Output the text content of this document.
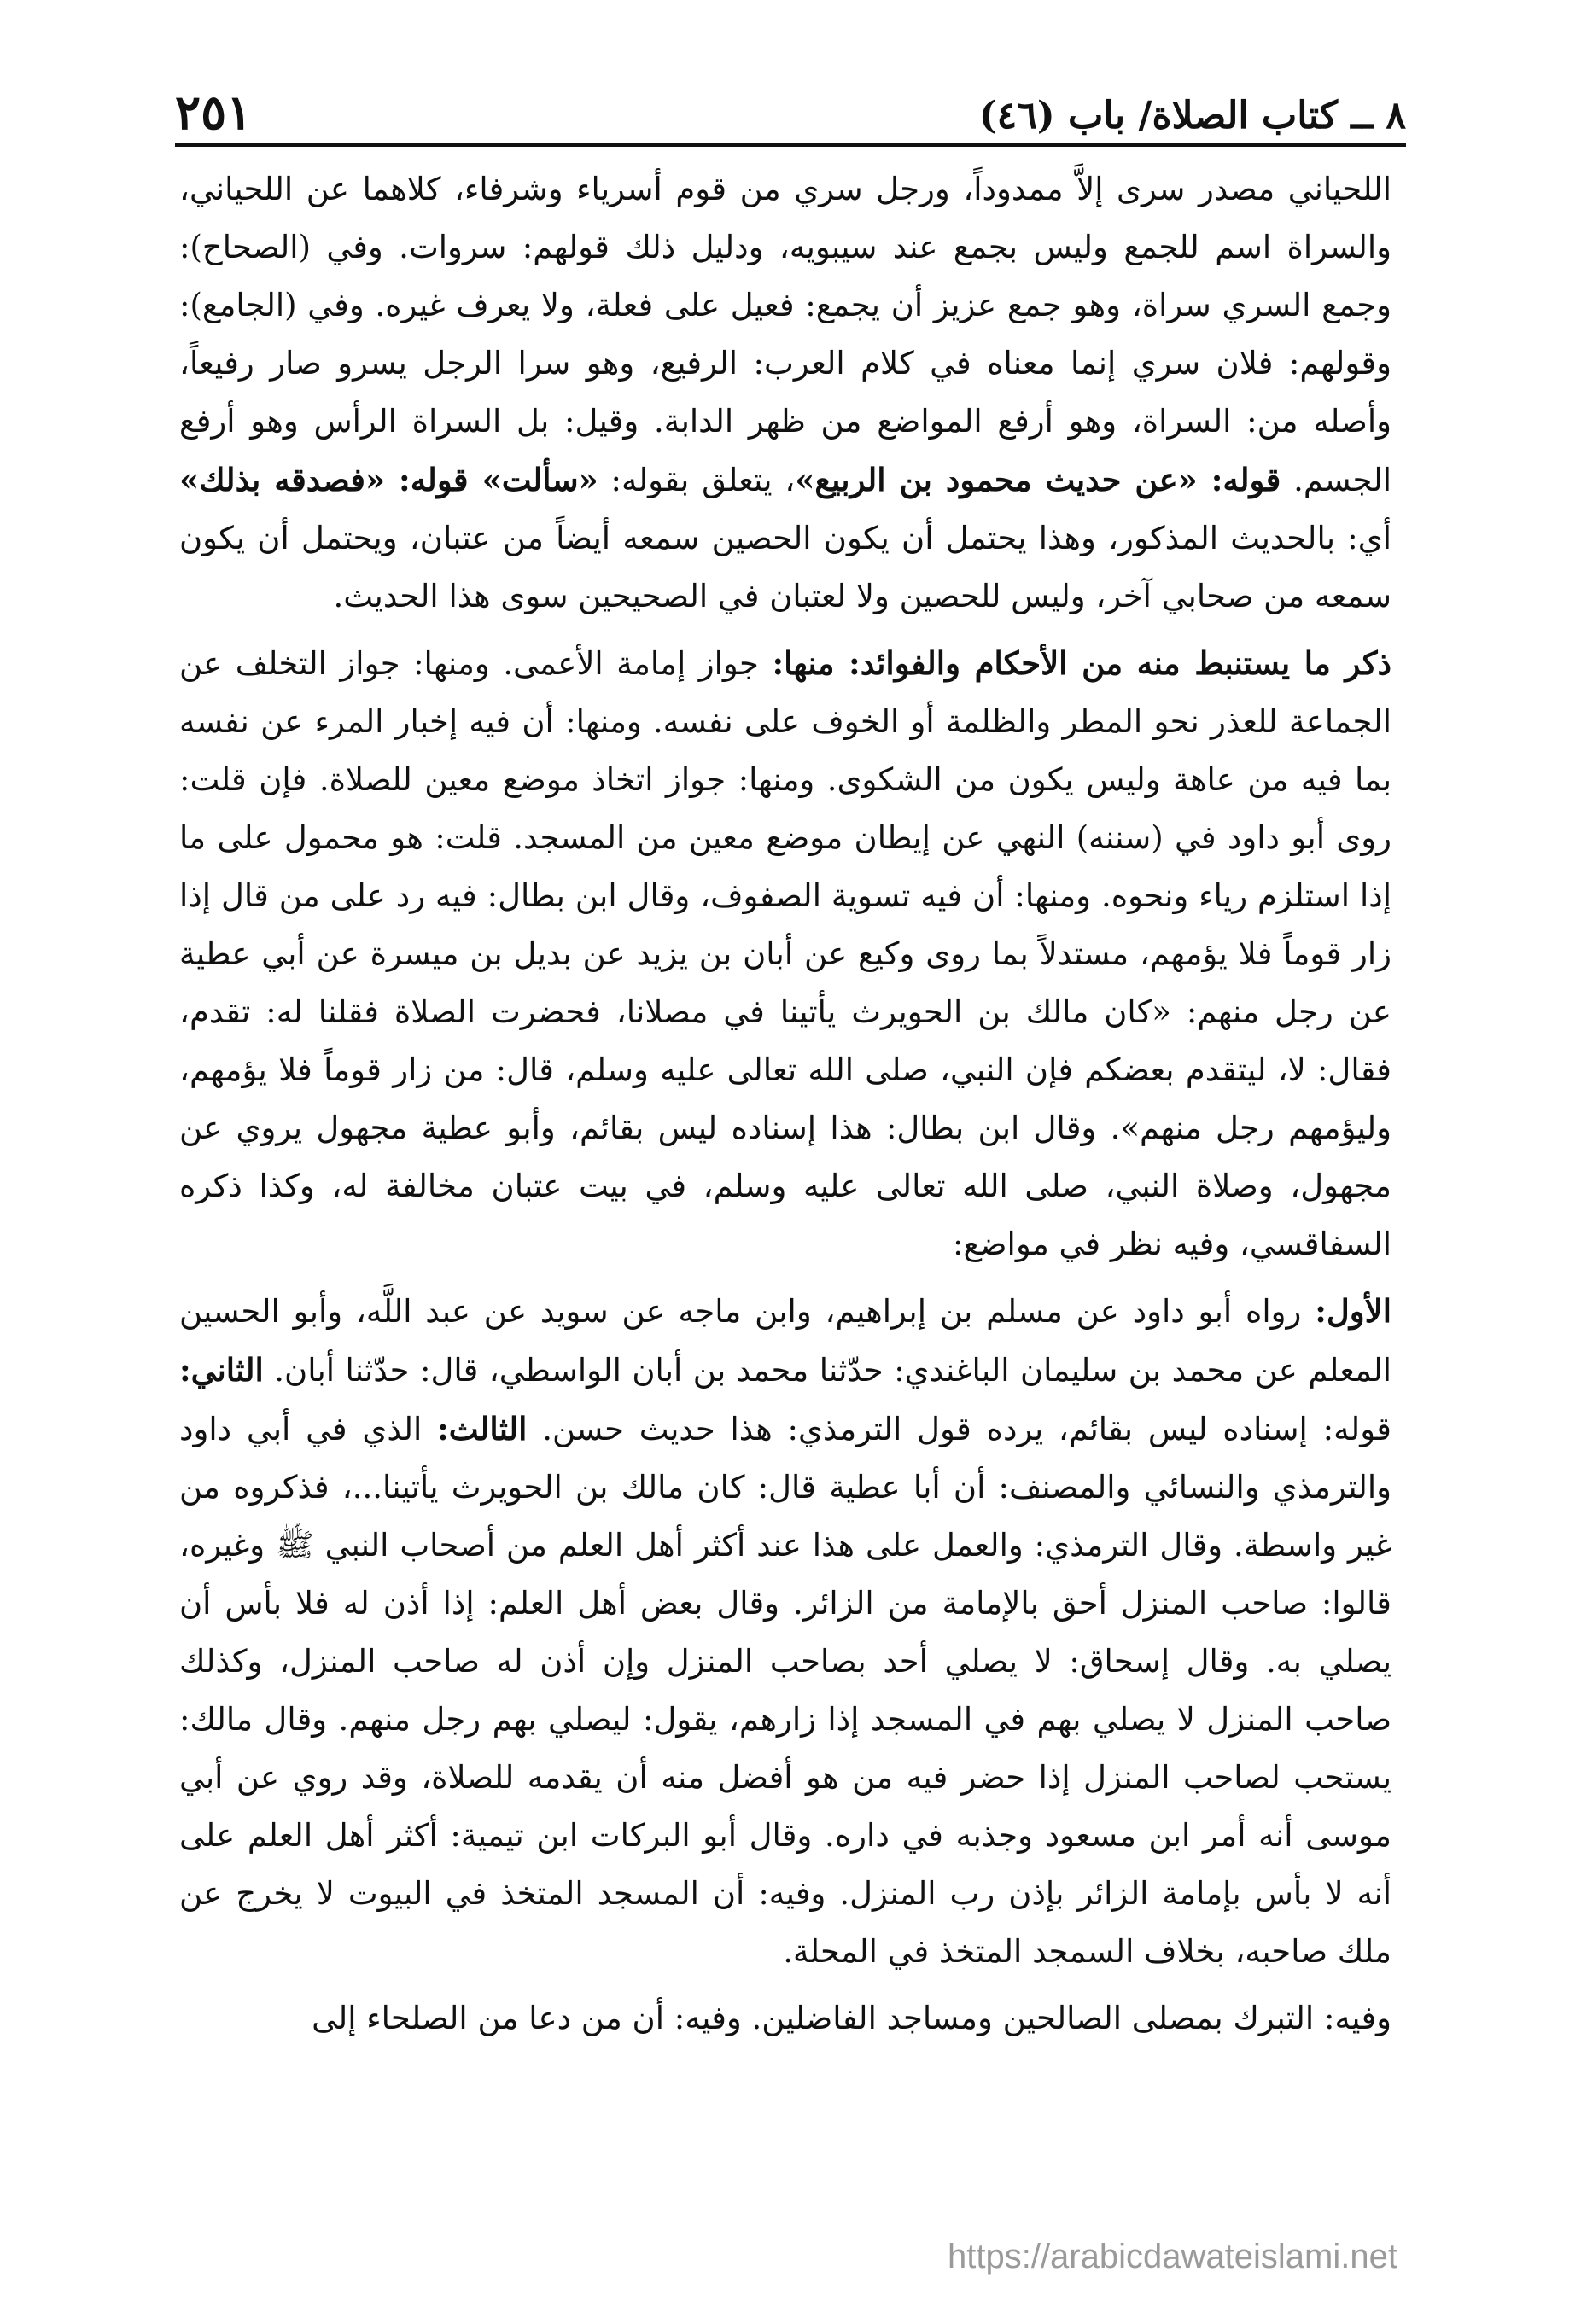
٢٥١	٨ ــ كتاب الصلاة/ باب (٤٦)

اللحياني مصدر سرى إلاَّ ممدوداً، ورجل سري من قوم أسرياء وشرفاء، كلاهما عن اللحياني، والسراة اسم للجمع وليس بجمع عند سيبويه، ودليل ذلك قولهم: سروات. وفي (الصحاح): وجمع السري سراة، وهو جمع عزيز أن يجمع: فعيل على فعلة، ولا يعرف غيره. وفي (الجامع): وقولهم: فلان سري إنما معناه في كلام العرب: الرفيع، وهو سرا الرجل يسرو صار رفيعاً، وأصله من: السراة، وهو أرفع المواضع من ظهر الدابة. وقيل: بل السراة الرأس وهو أرفع الجسم. قوله: «عن حديث محمود بن الربيع»، يتعلق بقوله: «سألت» قوله: «فصدقه بذلك» أي: بالحديث المذكور، وهذا يحتمل أن يكون الحصين سمعه أيضاً من عتبان، ويحتمل أن يكون سمعه من صحابي آخر، وليس للحصين ولا لعتبان في الصحيحين سوى هذا الحديث.

ذكر ما يستنبط منه من الأحكام والفوائد: منها: جواز إمامة الأعمى. ومنها: جواز التخلف عن الجماعة للعذر نحو المطر والظلمة أو الخوف على نفسه. ومنها: أن فيه إخبار المرء عن نفسه بما فيه من عاهة وليس يكون من الشكوى. ومنها: جواز اتخاذ موضع معين للصلاة. فإن قلت: روى أبو داود في (سننه) النهي عن إيطان موضع معين من المسجد. قلت: هو محمول على ما إذا استلزم رياء ونحوه. ومنها: أن فيه تسوية الصفوف، وقال ابن بطال: فيه رد على من قال إذا زار قوماً فلا يؤمهم، مستدلاً بما روى وكيع عن أبان بن يزيد عن بديل بن ميسرة عن أبي عطية عن رجل منهم: «كان مالك بن الحويرث يأتينا في مصلانا، فحضرت الصلاة فقلنا له: تقدم، فقال: لا، ليتقدم بعضكم فإن النبي، صلى الله تعالى عليه وسلم، قال: من زار قوماً فلا يؤمهم، وليؤمهم رجل منهم». وقال ابن بطال: هذا إسناده ليس بقائم، وأبو عطية مجهول يروي عن مجهول، وصلاة النبي، صلى الله تعالى عليه وسلم، في بيت عتبان مخالفة له، وكذا ذكره السفاقسي، وفيه نظر في مواضع:

الأول: رواه أبو داود عن مسلم بن إبراهيم، وابن ماجه عن سويد عن عبد اللَّه، وأبو الحسين المعلم عن محمد بن سليمان الباغندي: حدّثنا محمد بن أبان الواسطي، قال: حدّثنا أبان. الثاني: قوله: إسناده ليس بقائم، يرده قول الترمذي: هذا حديث حسن. الثالث: الذي في أبي داود والترمذي والنسائي والمصنف: أن أبا عطية قال: كان مالك بن الحويرث يأتينا...، فذكروه من غير واسطة. وقال الترمذي: والعمل على هذا عند أكثر أهل العلم من أصحاب النبي ﷺ وغيره، قالوا: صاحب المنزل أحق بالإمامة من الزائر. وقال بعض أهل العلم: إذا أذن له فلا بأس أن يصلي به. وقال إسحاق: لا يصلي أحد بصاحب المنزل وإن أذن له صاحب المنزل، وكذلك صاحب المنزل لا يصلي بهم في المسجد إذا زارهم، يقول: ليصلي بهم رجل منهم. وقال مالك: يستحب لصاحب المنزل إذا حضر فيه من هو أفضل منه أن يقدمه للصلاة، وقد روي عن أبي موسى أنه أمر ابن مسعود وجذبه في داره. وقال أبو البركات ابن تيمية: أكثر أهل العلم على أنه لا بأس بإمامة الزائر بإذن رب المنزل. وفيه: أن المسجد المتخذ في البيوت لا يخرج عن ملك صاحبه، بخلاف السمجد المتخذ في المحلة.

وفيه: التبرك بمصلى الصالحين ومساجد الفاضلين. وفيه: أن من دعا من الصلحاء إلى

https://arabicdawateislami.net
